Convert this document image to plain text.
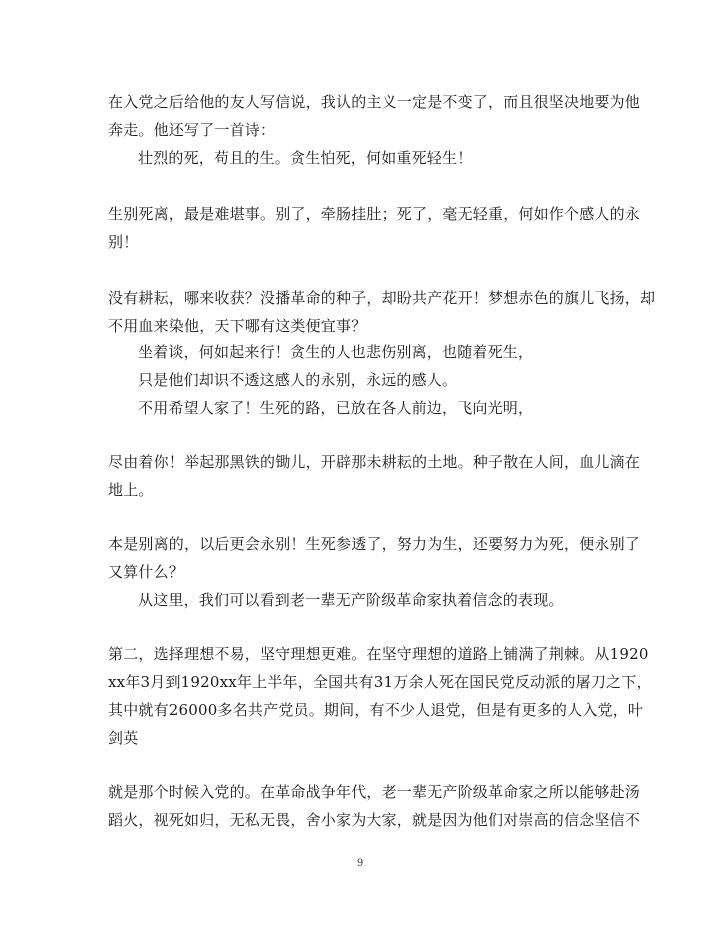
在入党之后给他的友人写信说，我认的主义一定是不变了，而且很坚决地要为他
奔走。他还写了一首诗：
壮烈的死，苟且的生。贪生怕死，何如重死轻生！
生别死离，最是难堪事。别了，牵肠挂肚；死了，毫无轻重，何如作个感人的永
别！
没有耕耘，哪来收获？没播革命的种子，却盼共产花开！梦想赤色的旗儿飞扬，却
不用血来染他，天下哪有这类便宜事？
坐着谈，何如起来行！贪生的人也悲伤别离，也随着死生，
只是他们却识不透这感人的永别，永远的感人。
不用希望人家了！生死的路，已放在各人前边，飞向光明，
尽由着你！举起那黑铁的锄儿，开辟那未耕耘的土地。种子散在人间，血儿滴在
地上。
本是别离的，以后更会永别！生死参透了，努力为生，还要努力为死，便永别了
又算什么？
从这里，我们可以看到老一辈无产阶级革命家执着信念的表现。
第二，选择理想不易，坚守理想更难。在坚守理想的道路上铺满了荆棘。从1920
xx年3月到1920xx年上半年，全国共有31万余人死在国民党反动派的屠刀之下，
其中就有26000多名共产党员。期间，有不少人退党，但是有更多的人入党，叶
剑英
就是那个时候入党的。在革命战争年代，老一辈无产阶级革命家之所以能够赴汤
蹈火，视死如归，无私无畏，舍小家为大家，就是因为他们对崇高的信念坚信不
9
